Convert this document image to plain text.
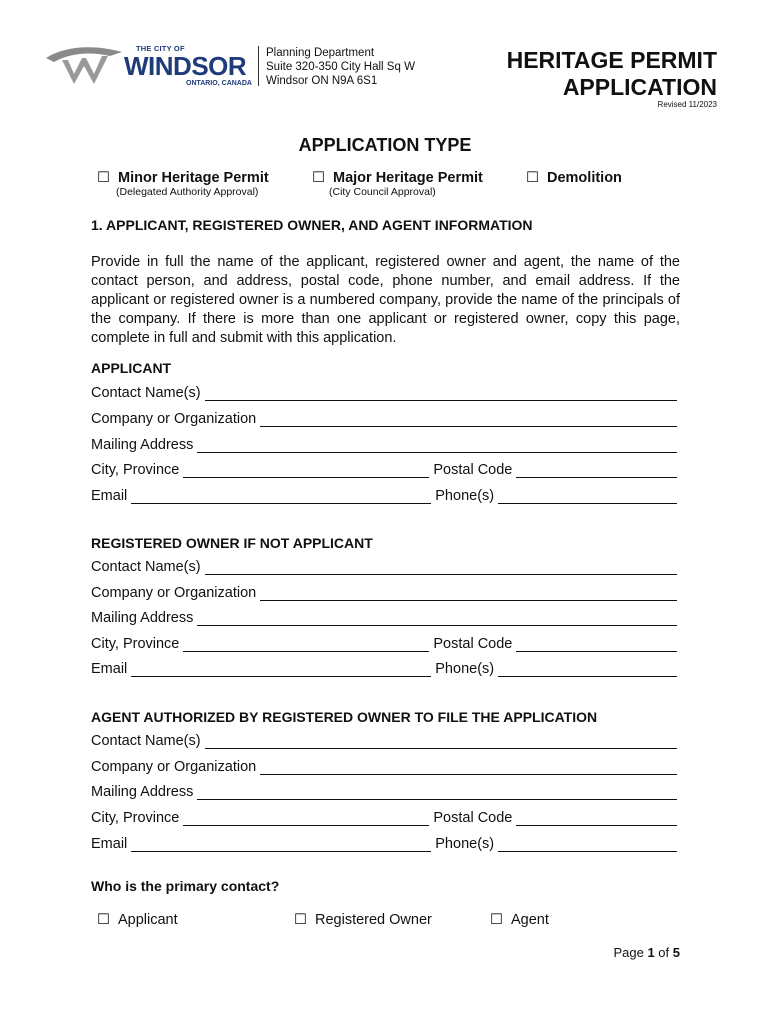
THE CITY OF
WINDSOR
ONTARIO, CANADA
Planning Department
Suite 320-350 City Hall Sq W
Windsor ON N9A 6S1
HERITAGE PERMIT
APPLICATION
Revised 11/2023
APPLICATION TYPE
☐ Minor Heritage Permit
(Delegated Authority Approval)
☐ Major Heritage Permit
(City Council Approval)
☐ Demolition
1. APPLICANT, REGISTERED OWNER, AND AGENT INFORMATION
Provide in full the name of the applicant, registered owner and agent, the name of the contact person, and address, postal code, phone number, and email address. If the applicant or registered owner is a numbered company, provide the name of the principals of the company. If there is more than one applicant or registered owner, copy this page, complete in full and submit with this application.
APPLICANT
Contact Name(s)
Company or Organization
Mailing Address
City, Province	Postal Code
Email	Phone(s)
REGISTERED OWNER IF NOT APPLICANT
Contact Name(s)
Company or Organization
Mailing Address
City, Province	Postal Code
Email	Phone(s)
AGENT AUTHORIZED BY REGISTERED OWNER TO FILE THE APPLICATION
Contact Name(s)
Company or Organization
Mailing Address
City, Province	Postal Code
Email	Phone(s)
Who is the primary contact?
☐ Applicant	☐ Registered Owner	☐ Agent
Page 1 of 5
